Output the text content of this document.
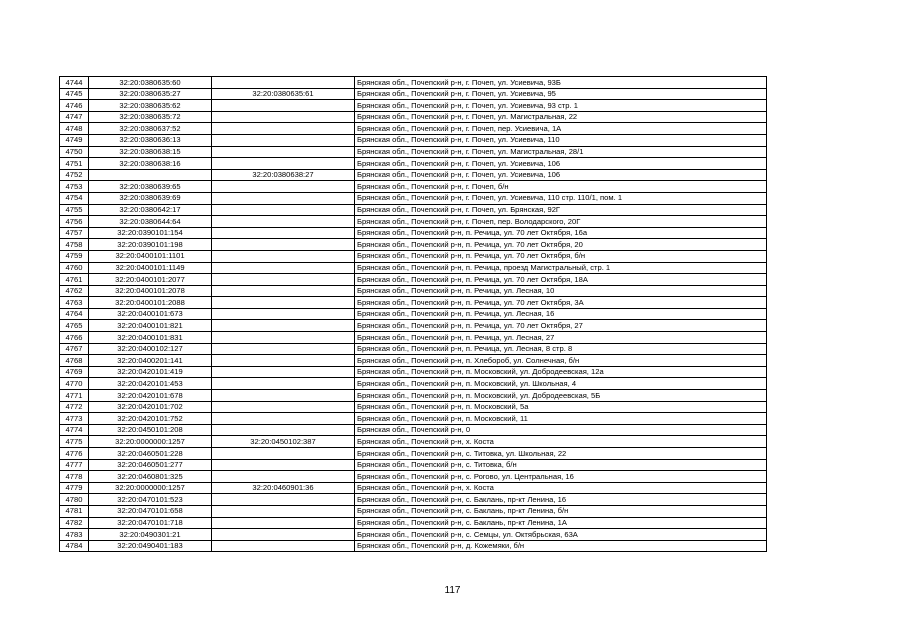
4744	32:20:0380635:60		Брянская обл., Почепский р-н, г. Почеп, ул. Усиевича, 93Б
4745	32:20:0380635:27	32:20:0380635:61	Брянская обл., Почепский р-н, г. Почеп, ул. Усиевича, 95
4746	32:20:0380635:62		Брянская обл., Почепский р-н, г. Почеп, ул. Усиевича, 93 стр. 1
4747	32:20:0380635:72		Брянская обл., Почепский р-н, г. Почеп, ул. Магистральная, 22
4748	32:20:0380637:52		Брянская обл., Почепский р-н, г. Почеп, пер. Усиевича, 1А
4749	32:20:0380636:13		Брянская обл., Почепский р-н, г. Почеп, ул. Усиевича, 110
4750	32:20:0380638:15		Брянская обл., Почепский р-н, г. Почеп, ул. Магистральная, 28/1
4751	32:20:0380638:16		Брянская обл., Почепский р-н, г. Почеп, ул. Усиевича, 106
4752		32:20:0380638:27	Брянская обл., Почепский р-н, г. Почеп, ул. Усиевича, 106
4753	32:20:0380639:65		Брянская обл., Почепский р-н, г. Почеп, б/н
4754	32:20:0380639:69		Брянская обл., Почепский р-н, г. Почеп, ул. Усиевича, 110 стр. 110/1, пом. 1
4755	32:20:0380642:17		Брянская обл., Почепский р-н, г. Почеп, ул. Брянская, 92Г
4756	32:20:0380644:64		Брянская обл., Почепский р-н, г. Почеп, пер. Володарского, 20Г
4757	32:20:0390101:154		Брянская обл., Почепский р-н, п. Речица, ул. 70 лет Октября, 16а
4758	32:20:0390101:198		Брянская обл., Почепский р-н, п. Речица, ул. 70 лет Октября, 20
4759	32:20:0400101:1101		Брянская обл., Почепский р-н, п. Речица, ул. 70 лет Октября, б/н
4760	32:20:0400101:1149		Брянская обл., Почепский р-н, п. Речица, проезд Магистральный, стр. 1
4761	32:20:0400101:2077		Брянская обл., Почепский р-н, п. Речица, ул. 70 лет Октября, 18А
4762	32:20:0400101:2078		Брянская обл., Почепский р-н, п. Речица, ул. Лесная, 10
4763	32:20:0400101:2088		Брянская обл., Почепский р-н, п. Речица, ул. 70 лет Октября, 3А
4764	32:20:0400101:673		Брянская обл., Почепский р-н, п. Речица, ул. Лесная, 16
4765	32:20:0400101:821		Брянская обл., Почепский р-н, п. Речица, ул. 70 лет Октября, 27
4766	32:20:0400101:831		Брянская обл., Почепский р-н, п. Речица, ул. Лесная, 27
4767	32:20:0400102:127		Брянская обл., Почепский р-н, п. Речица, ул. Лесная, 8 стр. 8
4768	32:20:0400201:141		Брянская обл., Почепский р-н, п. Хлебороб, ул. Солнечная, б/н
4769	32:20:0420101:419		Брянская обл., Почепский р-н, п. Московский, ул. Добродеевская, 12а
4770	32:20:0420101:453		Брянская обл., Почепский р-н, п. Московский, ул. Школьная, 4
4771	32:20:0420101:678		Брянская обл., Почепский р-н, п. Московский, ул. Добродеевская, 5Б
4772	32:20:0420101:702		Брянская обл., Почепский р-н, п. Московский, 5а
4773	32:20:0420101:752		Брянская обл., Почепский р-н, п. Московский, 11
4774	32:20:0450101:208		Брянская обл., Почепский р-н, 0
4775	32:20:0000000:1257	32:20:0450102:387	Брянская обл., Почепский р-н, х. Коста
4776	32:20:0460501:228		Брянская обл., Почепский р-н, с. Титовка, ул. Школьная, 22
4777	32:20:0460501:277		Брянская обл., Почепский р-н, с. Титовка, б/н
4778	32:20:0460801:325		Брянская обл., Почепский р-н, с. Рогово, ул. Центральная, 16
4779	32:20:0000000:1257	32:20:0460901:36	Брянская обл., Почепский р-н, х. Коста
4780	32:20:0470101:523		Брянская обл., Почепский р-н, с. Баклань, пр-кт Ленина, 16
4781	32:20:0470101:658		Брянская обл., Почепский р-н, с. Баклань, пр-кт Ленина, б/н
4782	32:20:0470101:718		Брянская обл., Почепский р-н, с. Баклань, пр-кт Ленина, 1А
4783	32:20:0490301:21		Брянская обл., Почепский р-н, с. Семцы, ул. Октябрьская, 63А
4784	32:20:0490401:183		Брянская обл., Почепский р-н, д. Кожемяки, б/н
117
